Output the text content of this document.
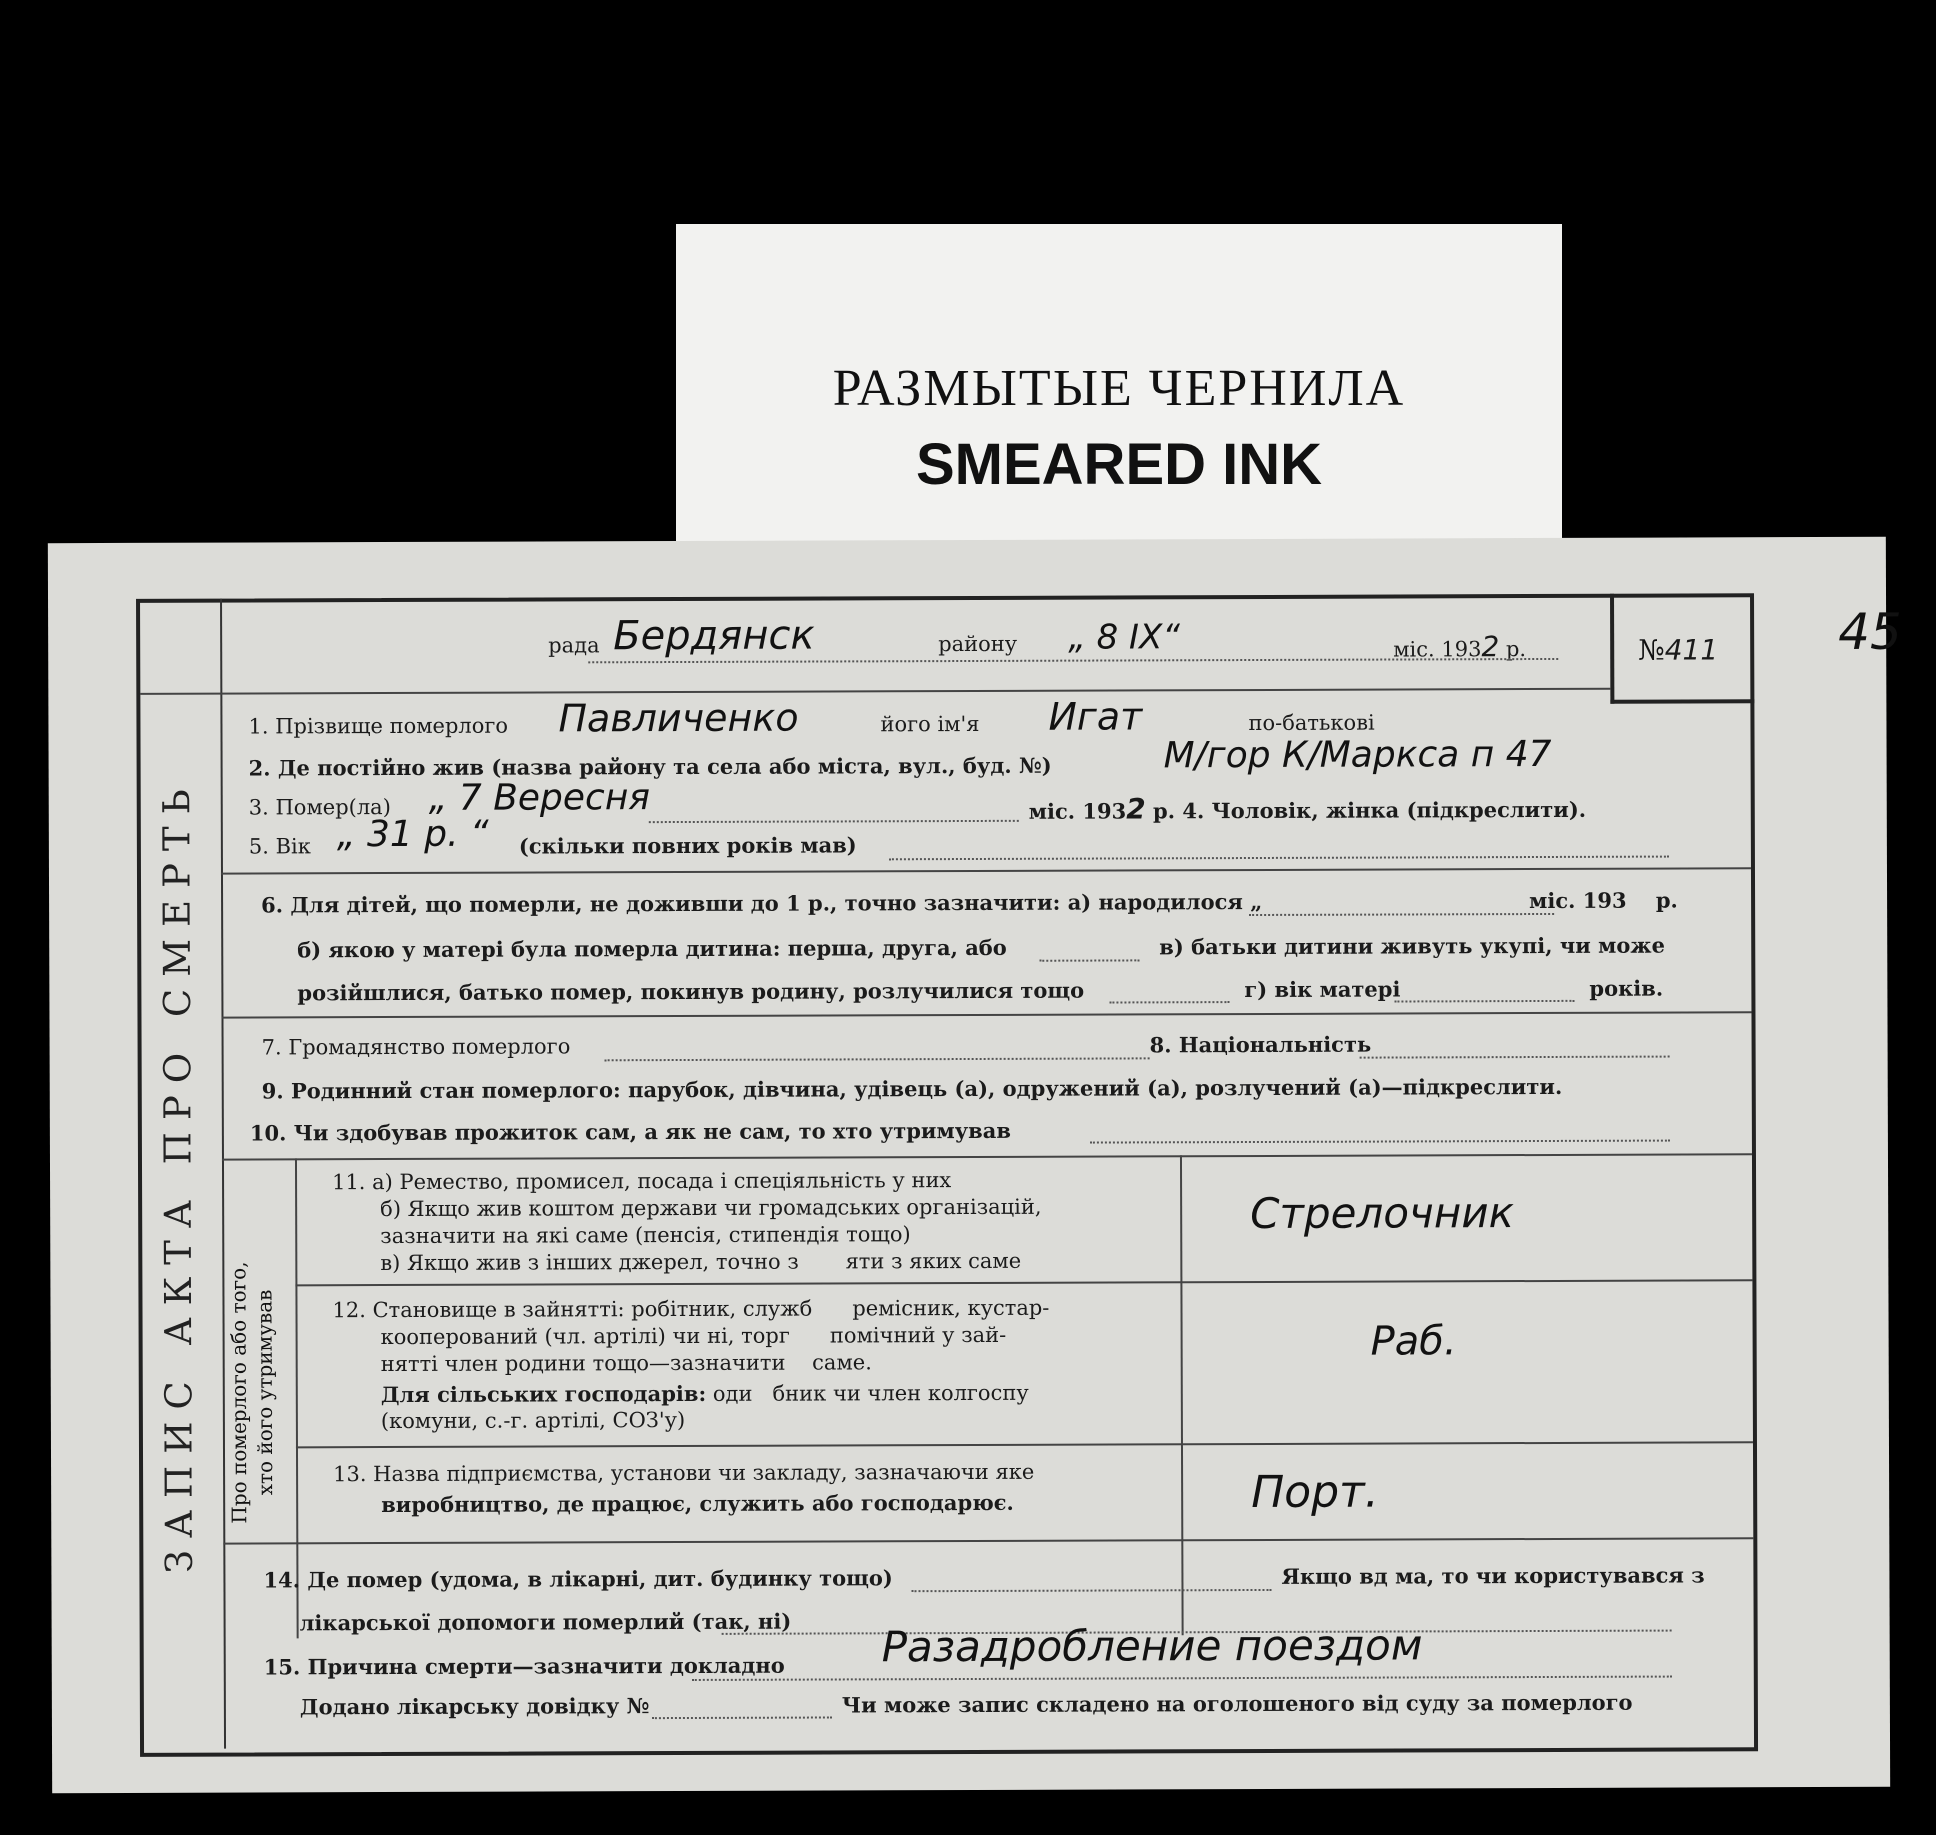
РАЗМЫТЫЕ ЧЕРНИЛА
SMEARED INK
ЗАПИС АКТА ПРО СМЕРТЬ
№411 45
рада Бердянск	району „ 8 IX“	міс. 1932 р.
1. Прізвище померлого Павличенко	його ім'я Игат	по-батькові
2. Де постійно жив (назва району та села або міста, вул., буд. №)	М/гор К/Маркса п 47
3. Помер(ла) „ 7 Вересня	міс. 1932 р. 4. Чоловік, жінка (підкреслити).
5. Вік „ 31 р. “ (скільки повних років мав)
6. Для дітей, що померли, не доживши до 1 р., точно зазначити: а) народилося „	міс. 193 р.
б) якою у матері була померла дитина: перша, друга, або	в) батьки дитини живуть укупі, чи може
розійшлися, батько помер, покинув родину, розлучилися тощо	г) вік матері	років.
7. Громадянство померлого	8. Національність
9. Родинний стан померлого: парубок, дівчина, удівець (а), одружений (а), розлучений (а)—підкреслити.
10. Чи здобував прожиток сам, а як не сам, то хто утримував
Про померлого або того, хто його утримував
11. а) Ремество, промисел, посада і спеціяльність у них
б) Якщо жив коштом держави чи громадських організацій,
зазначити на які саме (пенсія, стипендія тощо)
в) Якщо жив з інших джерел, точно з яти з яких саме
Стрелочник
12. Становище в зайнятті: робітник, служб ремісник, кустар-
кооперований (чл. артілі) чи ні, торг помічний у зай-
нятті член родини тощо—зазначити саме.
Для сільських господарів: оди бник чи член колгоспу
(комуни, с.-г. артілі, СОЗ'у)
Раб.
13. Назва підприємства, установи чи закладу, зазначаючи яке
виробництво, де працює, служить або господарює.	Порт.
14. Де помер (удома, в лікарні, дит. будинку тощо)	Якщо вд ма, то чи користувався з
лікарської допомоги померлий (так, ні)
15. Причина смерти—зазначити докладно Разадробление поездом
Додано лікарську довідку №	Чи може запис складено на оголошеного від суду за померлого
